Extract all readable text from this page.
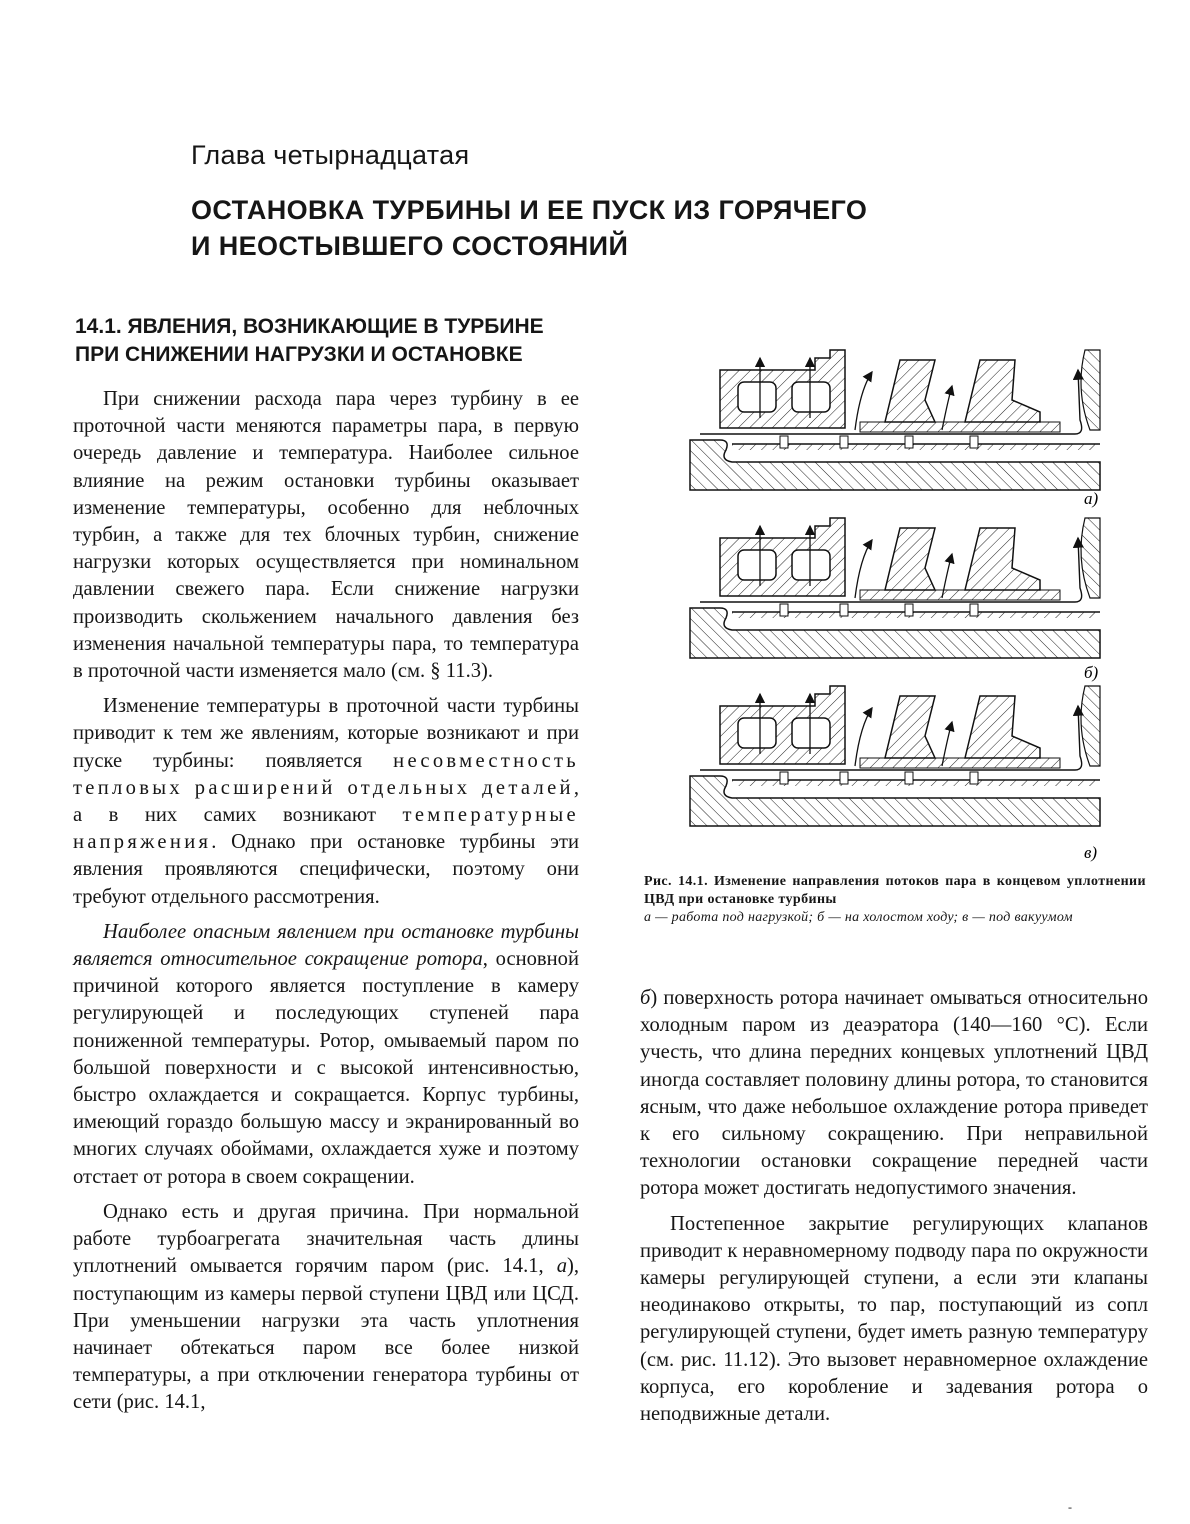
Глава четырнадцатая
ОСТАНОВКА ТУРБИНЫ И ЕЕ ПУСК ИЗ ГОРЯЧЕГО
И НЕОСТЫВШЕГО СОСТОЯНИЙ
14.1. ЯВЛЕНИЯ, ВОЗНИКАЮЩИЕ В ТУРБИНЕ
ПРИ СНИЖЕНИИ НАГРУЗКИ И ОСТАНОВКЕ

При снижении расхода пара через турбину в ее проточной части меняются параметры пара, в первую очередь давление и температура. Наиболее сильное влияние на режим остановки турбины оказывает изменение температуры, особенно для неблочных турбин, а также для тех блочных турбин, снижение нагрузки которых осуществляется при номинальном давлении свежего пара. Если снижение нагрузки производить скольжением начального давления без изменения начальной температуры пара, то температура в проточной части изменяется мало (см. § 11.3).

Изменение температуры в проточной части турбины приводит к тем же явлениям, которые возникают и при пуске турбины: появляется несовместность тепловых расширений отдельных деталей, а в них самих возникают температурные напряжения. Однако при остановке турбины эти явления проявляются специфически, поэтому они требуют отдельного рассмотрения.

Наиболее опасным явлением при остановке турбины является относительное сокращение ротора, основной причиной которого является поступление в камеру регулирующей и последующих ступеней пара пониженной температуры. Ротор, омываемый паром по большой поверхности и с высокой интенсивностью, быстро охлаждается и сокращается. Корпус турбины, имеющий гораздо большую массу и экранированный во многих случаях обоймами, охлаждается хуже и поэтому отстает от ротора в своем сокращении.

Однако есть и другая причина. При нормальной работе турбоагрегата значительная часть длины уплотнений омывается горячим паром (рис. 14.1, а), поступающим из камеры первой ступени ЦВД или ЦСД. При уменьшении нагрузки эта часть уплотнения начинает обтекаться паром все более низкой температуры, а при отключении генератора турбины от сети (рис. 14.1,

а)
б)
в)
Рис. 14.1. Изменение направления потоков пара в концевом уплотнении ЦВД при остановке турбины
а — работа под нагрузкой; б — на холостом ходу; в — под вакуумом

б) поверхность ротора начинает омываться относительно холодным паром из деаэратора (140—160 °С). Если учесть, что длина передних концевых уплотнений ЦВД иногда составляет половину длины ротора, то становится ясным, что даже небольшое охлаждение ротора приведет к его сильному сокращению. При неправильной технологии остановки сокращение передней части ротора может достигать недопустимого значения.

Постепенное закрытие регулирующих клапанов приводит к неравномерному подводу пара по окружности камеры регулирующей ступени, а если эти клапаны неодинаково открыты, то пар, поступающий из сопл регулирующей ступени, будет иметь разную температуру (см. рис. 11.12). Это вызовет неравномерное охлаждение корпуса, его коробление и задевания ротора о неподвижные детали.

-
